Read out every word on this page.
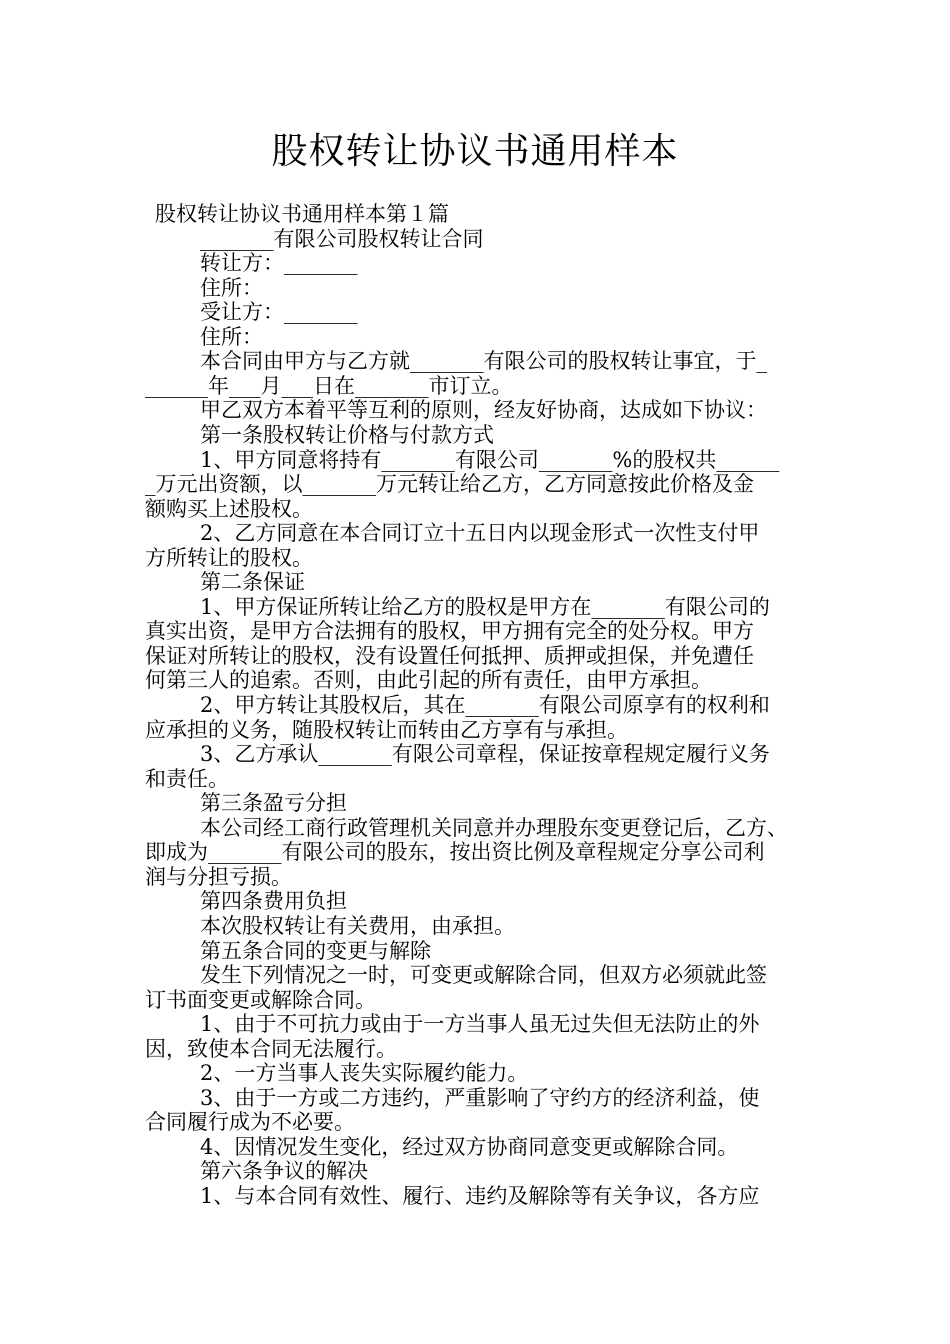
股权转让协议书通用样本
股权转让协议书通用样本第１篇
_______有限公司股权转让合同
转让方：_______
住所：
受让方：_______
住所：
本合同由甲方与乙方就_______有限公司的股权转让事宜，于_
______年___月___日在_______市订立。
甲乙双方本着平等互利的原则，经友好协商，达成如下协议：
第一条股权转让价格与付款方式
1、甲方同意将持有_______有限公司_______%的股权共______
_万元出资额，以_______万元转让给乙方，乙方同意按此价格及金
额购买上述股权。
2、乙方同意在本合同订立十五日内以现金形式一次性支付甲
方所转让的股权。
第二条保证
1、甲方保证所转让给乙方的股权是甲方在_______有限公司的
真实出资，是甲方合法拥有的股权，甲方拥有完全的处分权。甲方
保证对所转让的股权，没有设置任何抵押、质押或担保，并免遭任
何第三人的追索。否则，由此引起的所有责任，由甲方承担。
2、甲方转让其股权后，其在_______有限公司原享有的权利和
应承担的义务，随股权转让而转由乙方享有与承担。
3、乙方承认_______有限公司章程，保证按章程规定履行义务
和责任。
第三条盈亏分担
本公司经工商行政管理机关同意并办理股东变更登记后，乙方、
即成为_______有限公司的股东，按出资比例及章程规定分享公司利
润与分担亏损。
第四条费用负担
本次股权转让有关费用，由承担。
第五条合同的变更与解除
发生下列情况之一时，可变更或解除合同，但双方必须就此签
订书面变更或解除合同。
1、由于不可抗力或由于一方当事人虽无过失但无法防止的外
因，致使本合同无法履行。
2、一方当事人丧失实际履约能力。
3、由于一方或二方违约，严重影响了守约方的经济利益，使
合同履行成为不必要。
4、因情况发生变化，经过双方协商同意变更或解除合同。
第六条争议的解决
1、与本合同有效性、履行、违约及解除等有关争议，各方应
